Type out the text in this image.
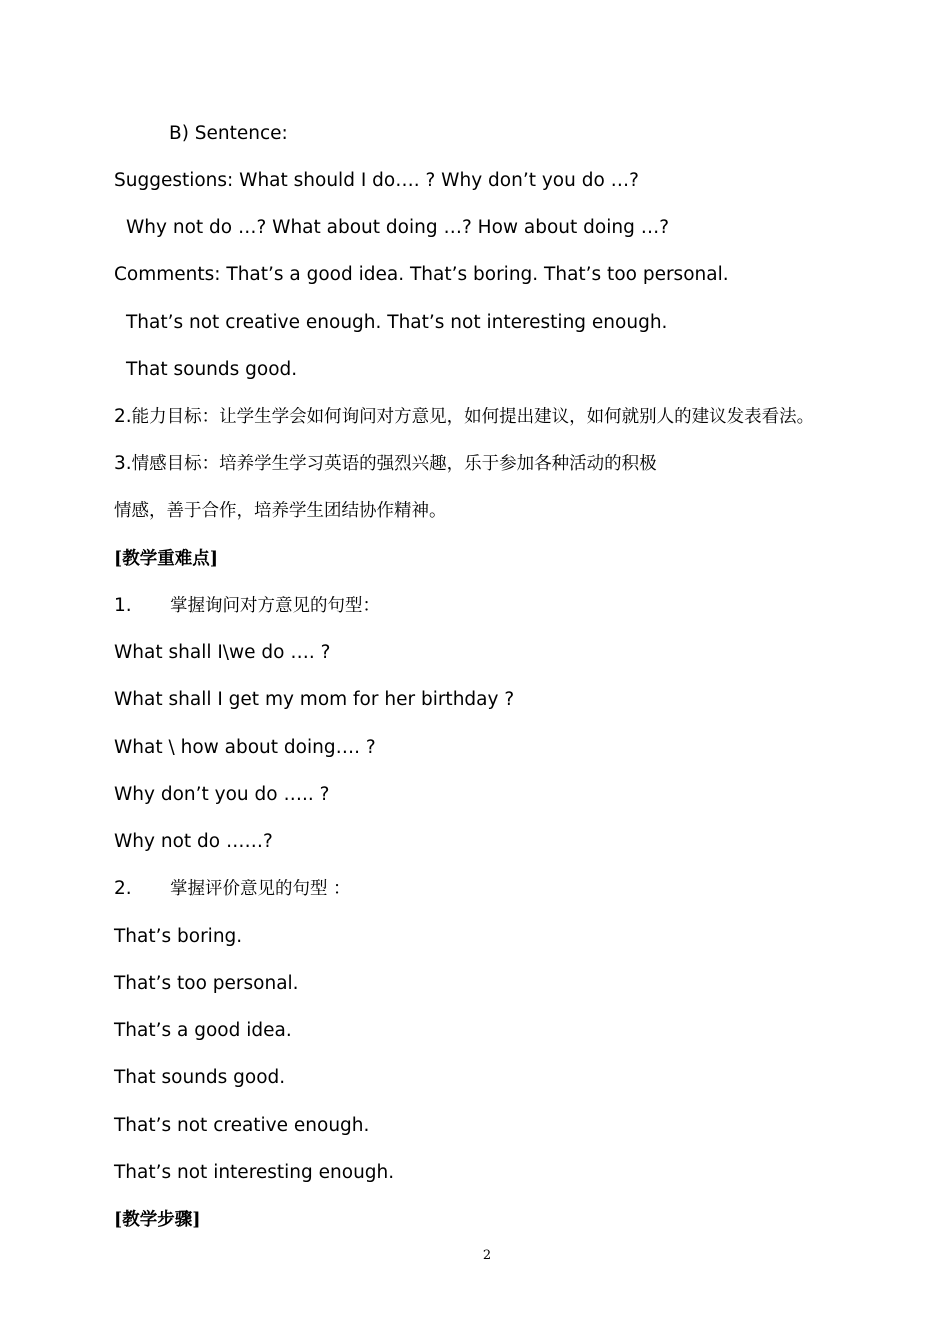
B) Sentence:
Suggestions: What should I do…. ? Why don’t you do …?
Why not do …? What about doing …? How about doing …?
Comments: That’s a good idea. That’s boring. That’s too personal.
That’s not creative enough. That’s not interesting enough.
That sounds good.
2.能力目标：让学生学会如何询问对方意见，如何提出建议，如何就别人的建议发表看法。
3.情感目标：培养学生学习英语的强烈兴趣，乐于参加各种活动的积极
情感，善于合作，培养学生团结协作精神。
[教学重难点]
1. 掌握询问对方意见的句型：
What shall I\we do …. ?
What shall I get my mom for her birthday ?
What \ how about doing…. ?
Why don’t you do ….. ?
Why not do ……?
2. 掌握评价意见的句型 ：
That’s boring.
That’s too personal.
That’s a good idea.
That sounds good.
That’s not creative enough.
That’s not interesting enough.
[教学步骤]
2
